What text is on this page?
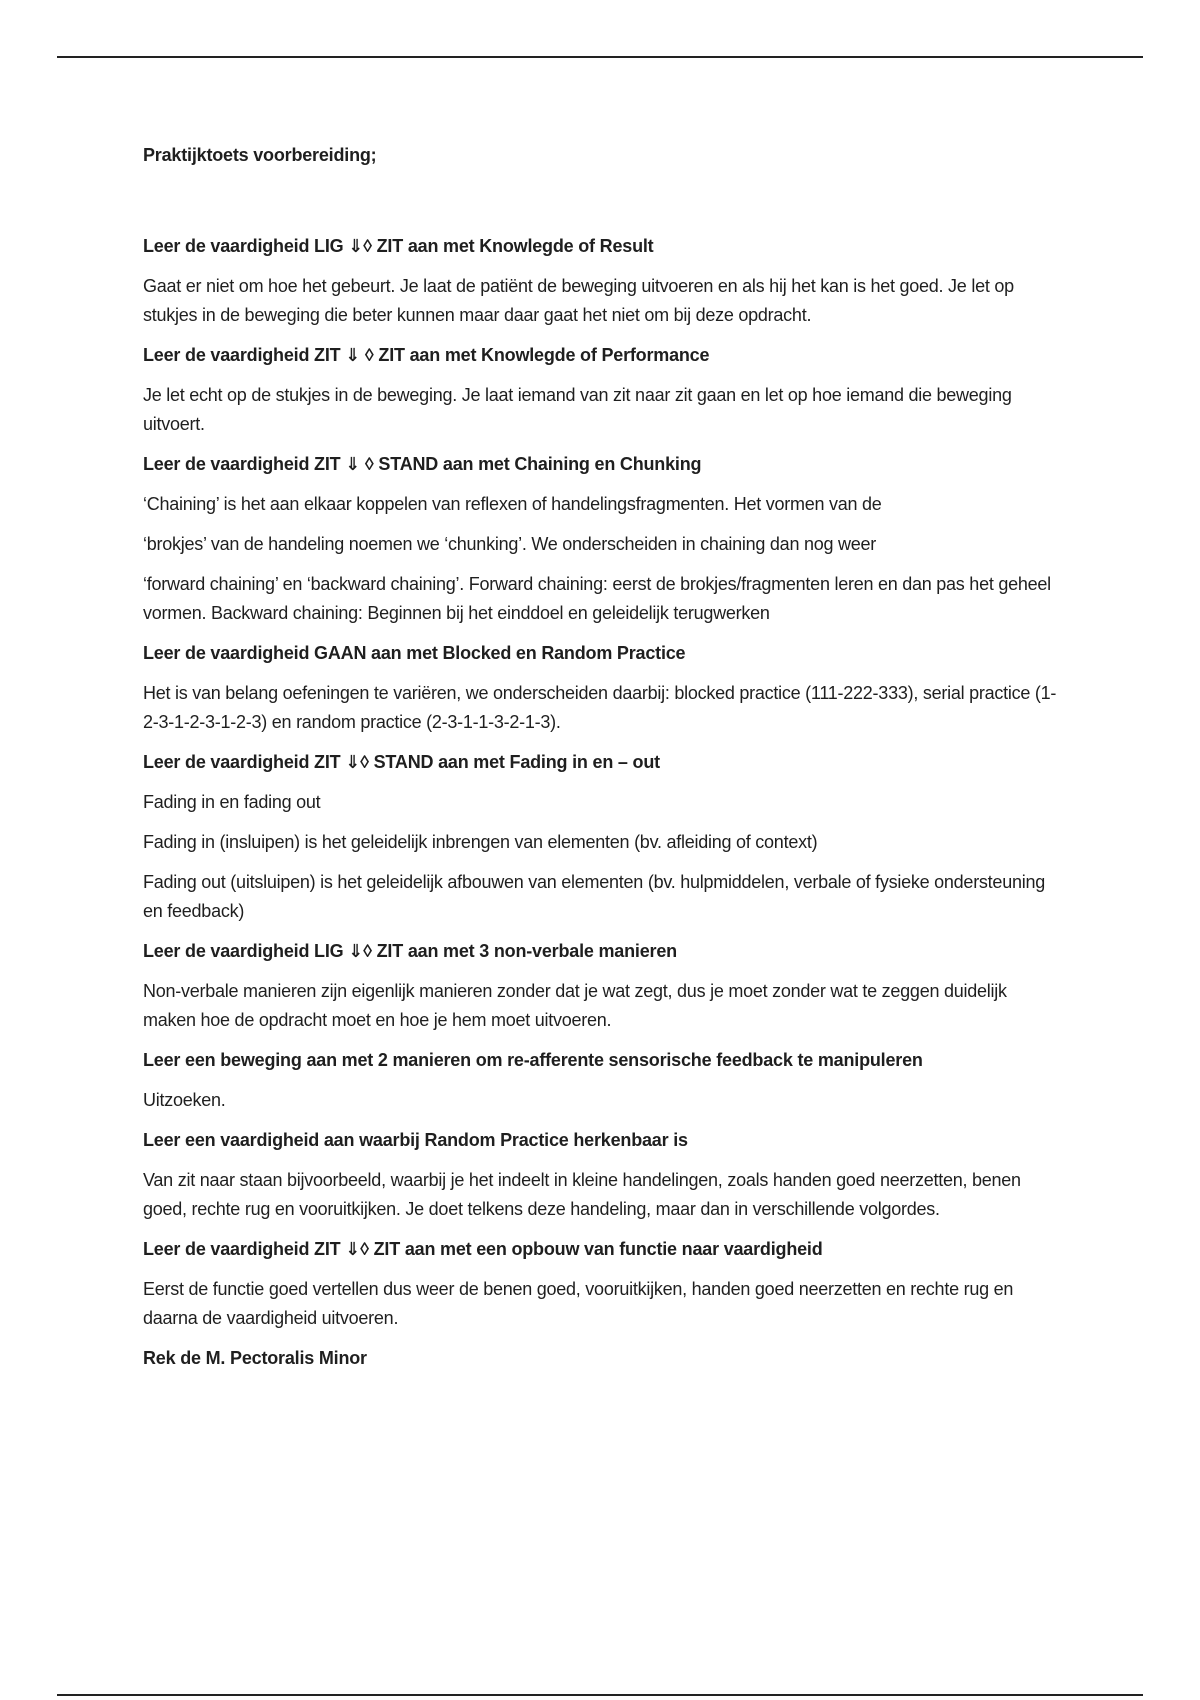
Praktijktoets voorbereiding;
Leer de vaardigheid LIG ⇓◊ ZIT aan met Knowlegde of Result

Gaat er niet om hoe het gebeurt. Je laat de patiënt de beweging uitvoeren en als hij het kan is het goed. Je let op stukjes in de beweging die beter kunnen maar daar gaat het niet om bij deze opdracht.

Leer de vaardigheid ZIT ⇓ ◊ ZIT aan met Knowlegde of Performance

Je let echt op de stukjes in de beweging. Je laat iemand van zit naar zit gaan en let op hoe iemand die beweging uitvoert.

Leer de vaardigheid ZIT ⇓ ◊ STAND aan met Chaining en Chunking

‘Chaining’ is het aan elkaar koppelen van reflexen of handelingsfragmenten. Het vormen van de

‘brokjes’ van de handeling noemen we ‘chunking’. We onderscheiden in chaining dan nog weer

‘forward chaining’ en ‘backward chaining’. Forward chaining: eerst de brokjes/fragmenten leren en dan pas het geheel vormen. Backward chaining: Beginnen bij het einddoel en geleidelijk terugwerken

Leer de vaardigheid GAAN aan met Blocked en Random Practice

Het is van belang oefeningen te variëren, we onderscheiden daarbij: blocked practice (111-222-333), serial practice (1-2-3-1-2-3-1-2-3) en random practice (2-3-1-1-3-2-1-3).

Leer de vaardigheid ZIT ⇓◊ STAND aan met Fading in en – out

Fading in en fading out

Fading in (insluipen) is het geleidelijk inbrengen van elementen (bv. afleiding of context)

Fading out (uitsluipen) is het geleidelijk afbouwen van elementen (bv. hulpmiddelen, verbale of fysieke ondersteuning en feedback)

Leer de vaardigheid LIG ⇓◊ ZIT aan met 3 non-verbale manieren

Non-verbale manieren zijn eigenlijk manieren zonder dat je wat zegt, dus je moet zonder wat te zeggen duidelijk maken hoe de opdracht moet en hoe je hem moet uitvoeren.

Leer een beweging aan met 2 manieren om re-afferente sensorische feedback te manipuleren

Uitzoeken.

Leer een vaardigheid aan waarbij Random Practice herkenbaar is

Van zit naar staan bijvoorbeeld, waarbij je het indeelt in kleine handelingen, zoals handen goed neerzetten, benen goed, rechte rug en vooruitkijken. Je doet telkens deze handeling, maar dan in verschillende volgordes.

Leer de vaardigheid ZIT ⇓◊ ZIT aan met een opbouw van functie naar vaardigheid

Eerst de functie goed vertellen dus weer de benen goed, vooruitkijken, handen goed neerzetten en rechte rug en daarna de vaardigheid uitvoeren.

Rek de M. Pectoralis Minor
